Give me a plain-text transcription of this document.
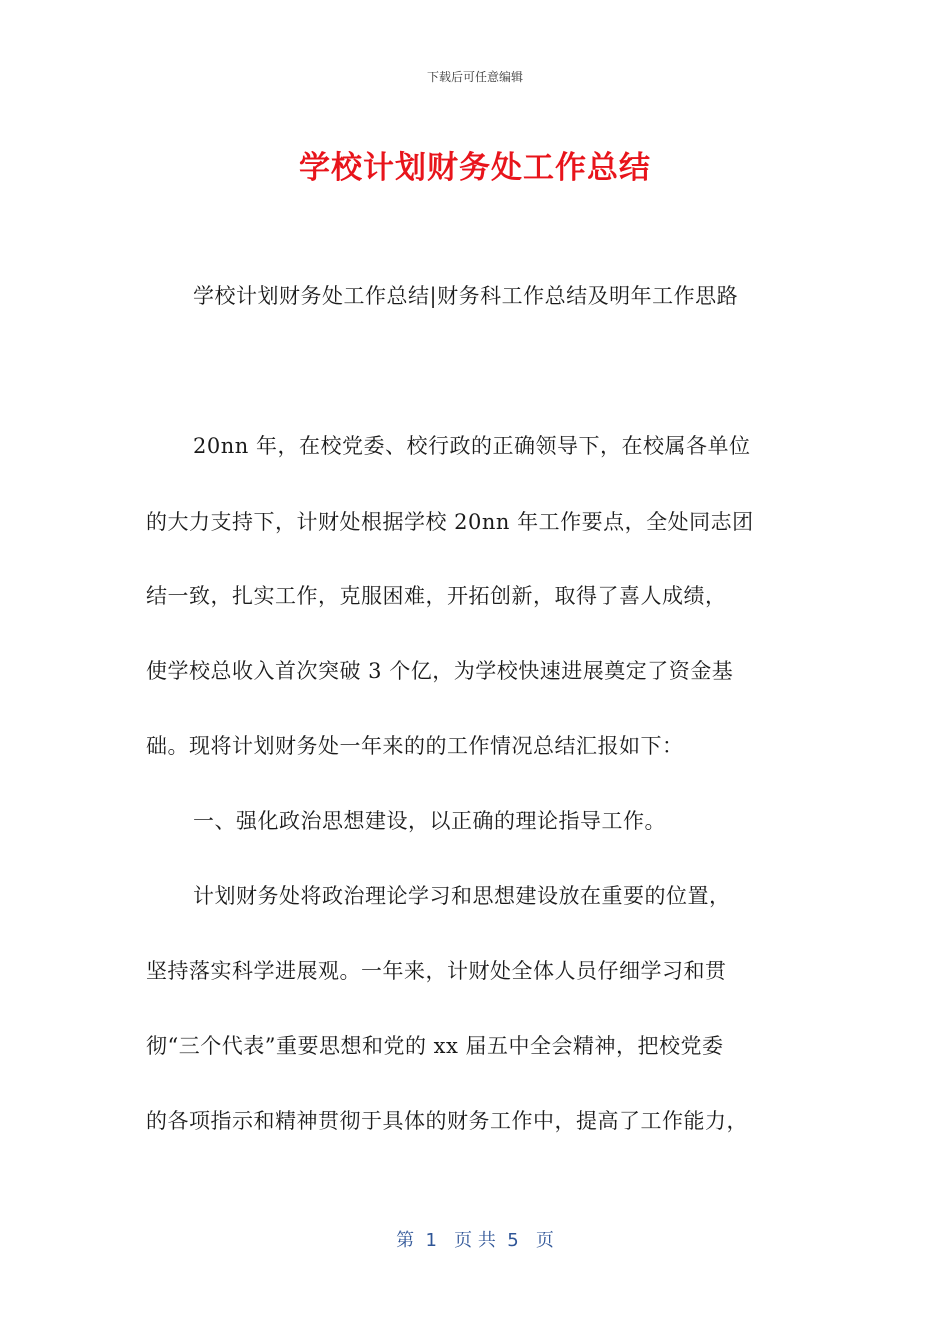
下载后可任意编辑
学校计划财务处工作总结
学校计划财务处工作总结|财务科工作总结及明年工作思路
20nn 年，在校党委、校行政的正确领导下，在校属各单位
的大力支持下，计财处根据学校 20nn 年工作要点，全处同志团
结一致，扎实工作，克服困难，开拓创新，取得了喜人成绩，
使学校总收入首次突破 3 个亿，为学校快速进展奠定了资金基
础。现将计划财务处一年来的的工作情况总结汇报如下：
一、强化政治思想建设，以正确的理论指导工作。
计划财务处将政治理论学习和思想建设放在重要的位置，
坚持落实科学进展观。一年来，计财处全体人员仔细学习和贯
彻“三个代表”重要思想和党的 xx 届五中全会精神，把校党委
的各项指示和精神贯彻于具体的财务工作中，提高了工作能力，
第  1   页 共  5   页
